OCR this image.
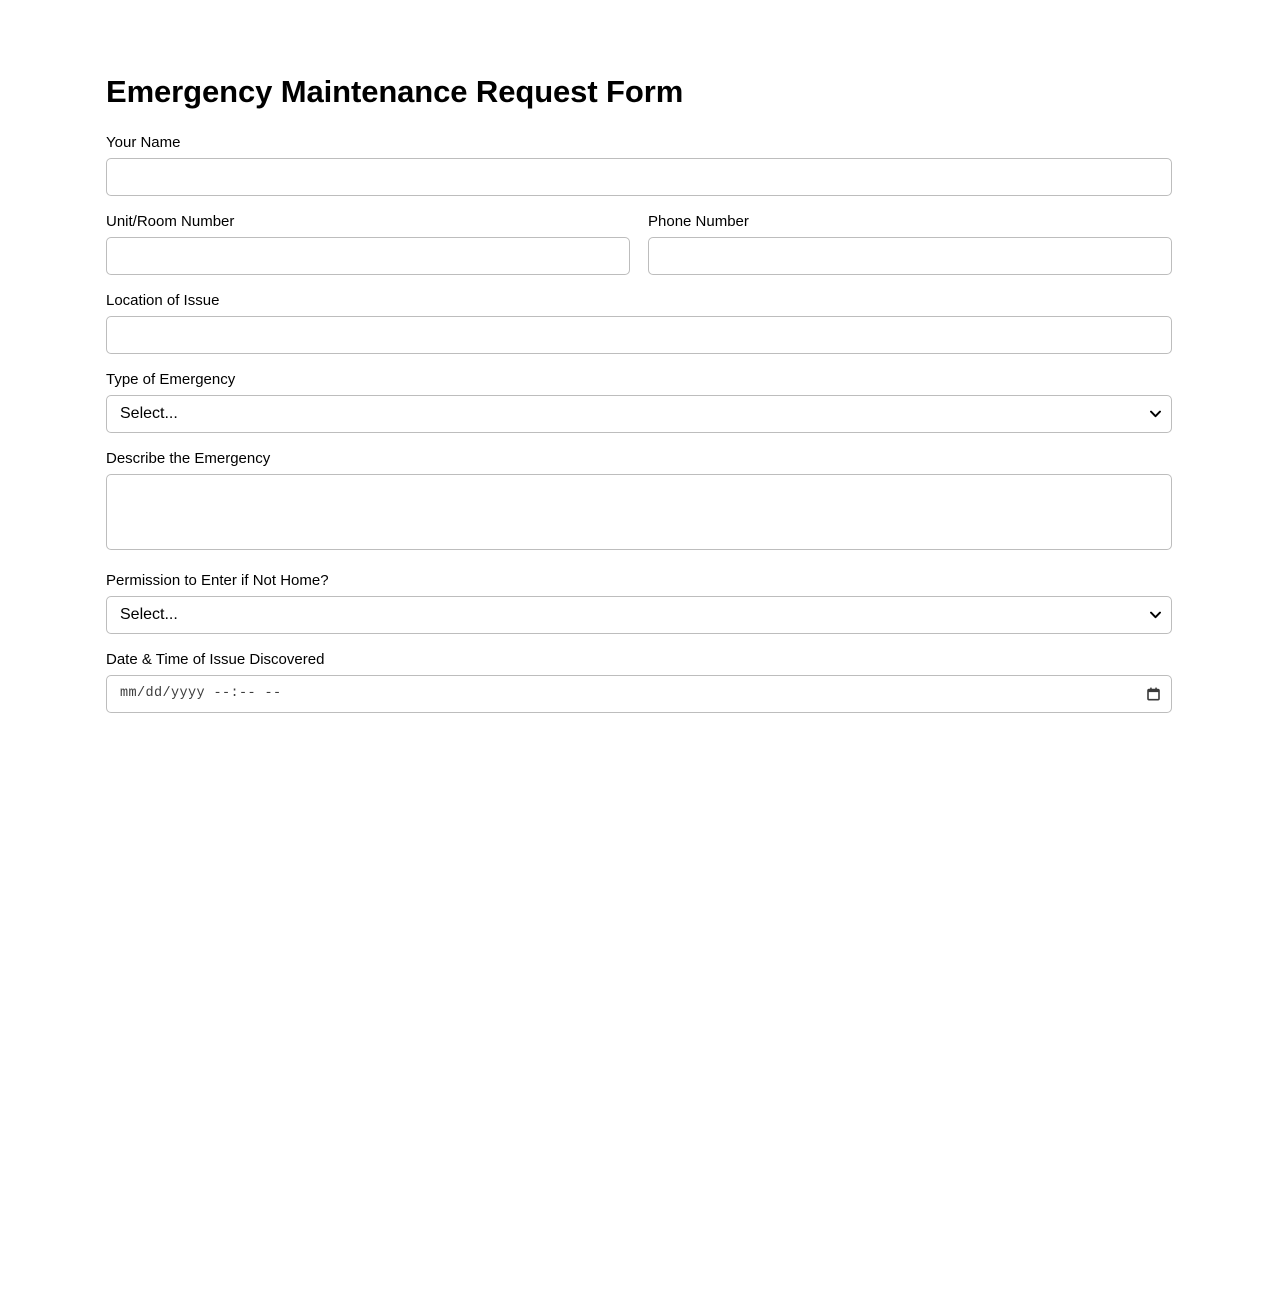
Emergency Maintenance Request Form
Your Name
Unit/Room Number	Phone Number
Location of Issue
Type of Emergency
Select...
Describe the Emergency
Permission to Enter if Not Home?
Select...
Date & Time of Issue Discovered
mm/dd/yyyy --:-- --
